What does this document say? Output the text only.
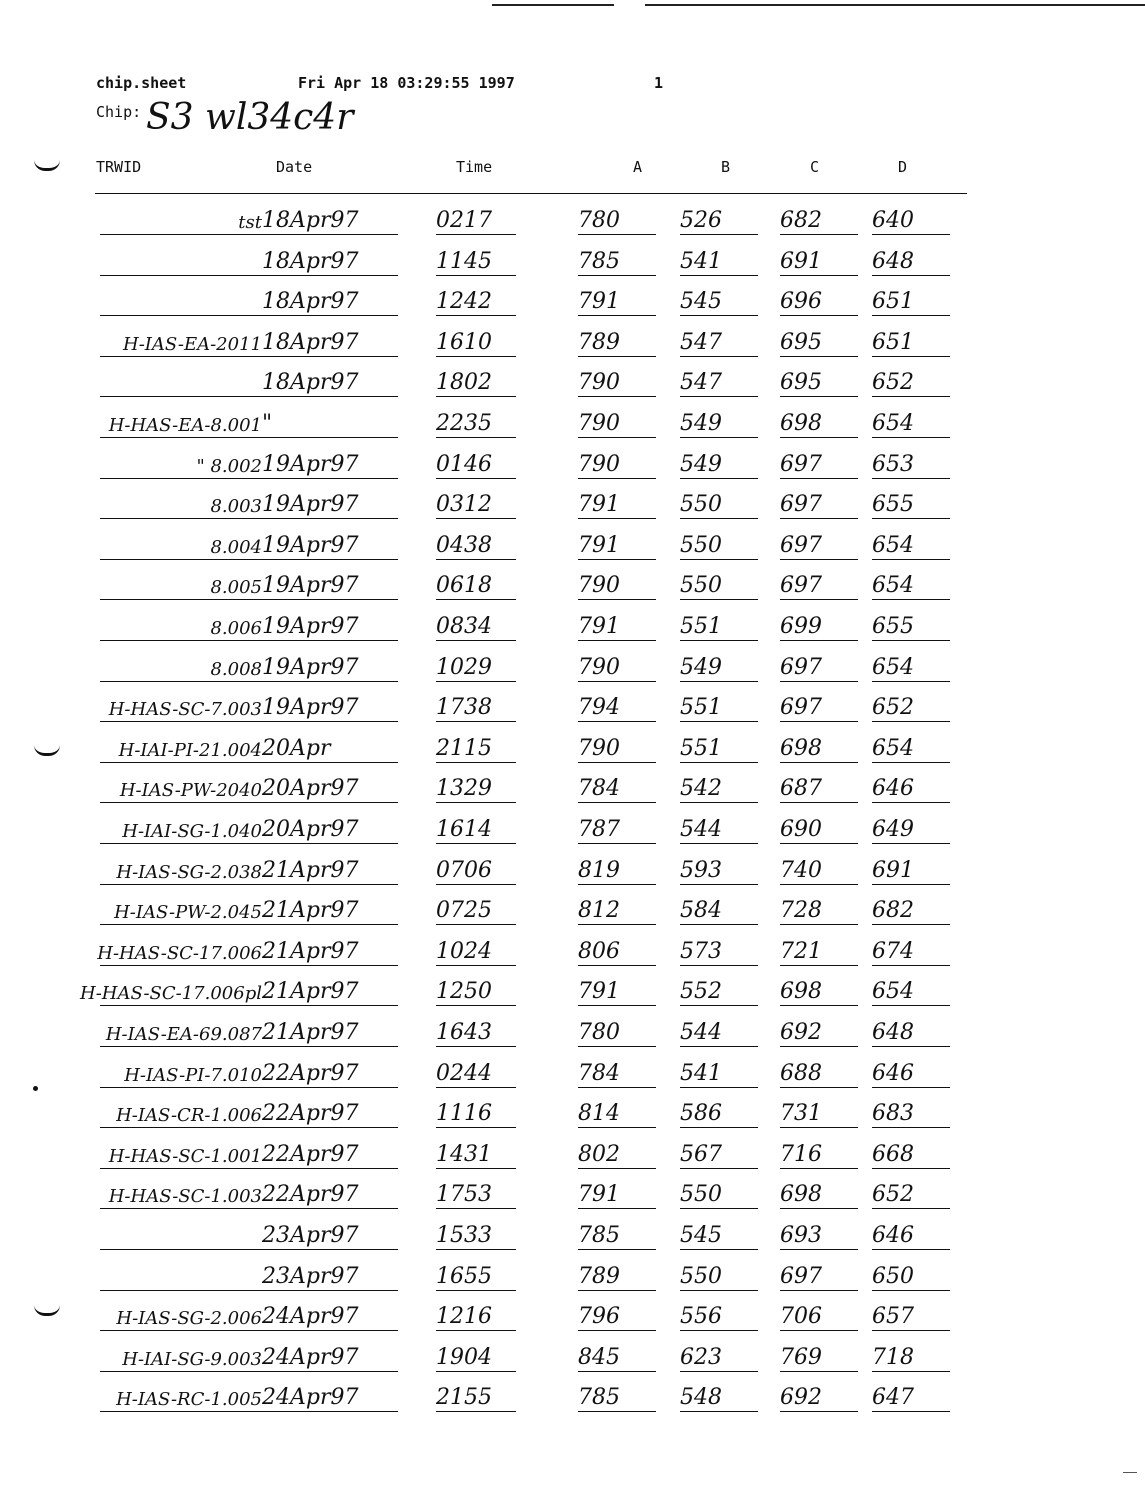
chip.sheet	Fri Apr 18 03:29:55 1997	1
Chip: S3 wl34c4r
TRWID	Date	Time	A	B	C	D
tst 18Apr97	0217	780	526	682	640
18Apr97	1145	785	541	691	648
18Apr97	1242	791	545	696	651
H-IAS-EA-2011 18Apr97	1610	789	547	695	651
18Apr97	1802	790	547	695	652
H-HAS-EA-8.001 "	2235	790	549	698	654
" 8.002 19Apr97	0146	790	549	697	653
8.003 19Apr97	0312	791	550	697	655
8.004 19Apr97	0438	791	550	697	654
8.005 19Apr97	0618	790	550	697	654
8.006 19Apr97	0834	791	551	699	655
8.008 19Apr97	1029	790	549	697	654
H-HAS-SC-7.003 19Apr97	1738	794	551	697	652
H-IAI-PI-21.004 20Apr	2115	790	551	698	654
H-IAS-PW-2040 20Apr97	1329	784	542	687	646
H-IAI-SG-1.040 20Apr97	1614	787	544	690	649
H-IAS-SG-2.038 21Apr97	0706	819	593	740	691
H-IAS-PW-2.045 21Apr97	0725	812	584	728	682
H-HAS-SC-17.006 21Apr97	1024	806	573	721	674
H-HAS-SC-17.006pl 21Apr97	1250	791	552	698	654
H-IAS-EA-69.087 21Apr97	1643	780	544	692	648
H-IAS-PI-7.010 22Apr97	0244	784	541	688	646
H-IAS-CR-1.006 22Apr97	1116	814	586	731	683
H-HAS-SC-1.001 22Apr97	1431	802	567	716	668
H-HAS-SC-1.003 22Apr97	1753	791	550	698	652
23Apr97	1533	785	545	693	646
23Apr97	1655	789	550	697	650
H-IAS-SG-2.006 24Apr97	1216	796	556	706	657
H-IAI-SG-9.003 24Apr97	1904	845	623	769	718
H-IAS-RC-1.005 24Apr97	2155	785	548	692	647
